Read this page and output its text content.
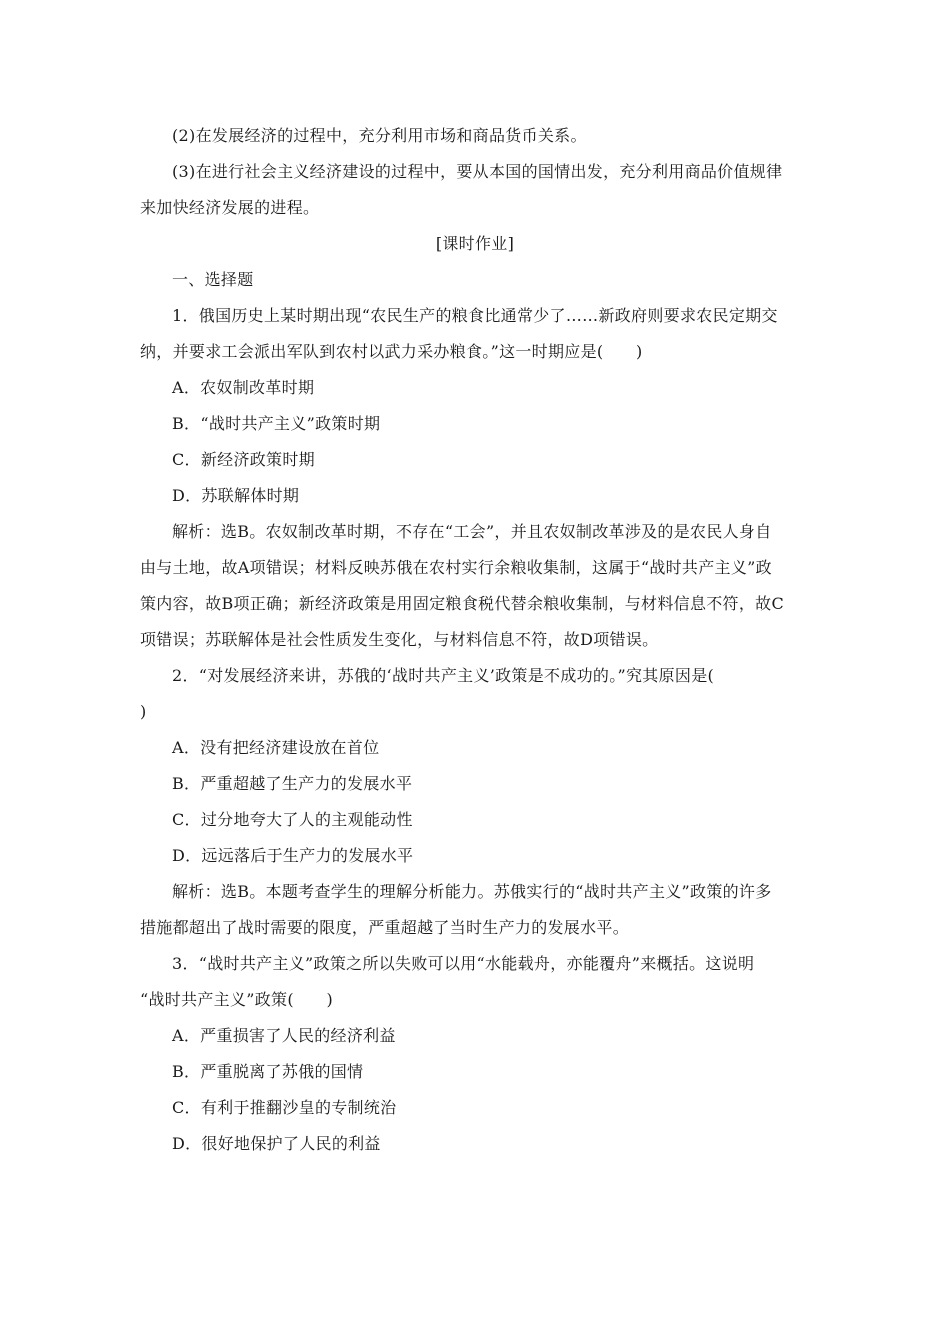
(2)在发展经济的过程中，充分利用市场和商品货币关系。
(3)在进行社会主义经济建设的过程中，要从本国的国情出发，充分利用商品价值规律
来加快经济发展的进程。
[课时作业]
一、选择题
1．俄国历史上某时期出现“农民生产的粮食比通常少了……新政府则要求农民定期交
纳，并要求工会派出军队到农村以武力采办粮食。”这一时期应是(　　)
A．农奴制改革时期
B．“战时共产主义”政策时期
C．新经济政策时期
D．苏联解体时期
解析：选B。农奴制改革时期，不存在“工会”，并且农奴制改革涉及的是农民人身自
由与土地，故A项错误；材料反映苏俄在农村实行余粮收集制，这属于“战时共产主义”政
策内容，故B项正确；新经济政策是用固定粮食税代替余粮收集制，与材料信息不符，故C
项错误；苏联解体是社会性质发生变化，与材料信息不符，故D项错误。
2．“对发展经济来讲，苏俄的‘战时共产主义’政策是不成功的。”究其原因是(
)
A．没有把经济建设放在首位
B．严重超越了生产力的发展水平
C．过分地夸大了人的主观能动性
D．远远落后于生产力的发展水平
解析：选B。本题考查学生的理解分析能力。苏俄实行的“战时共产主义”政策的许多
措施都超出了战时需要的限度，严重超越了当时生产力的发展水平。
3．“战时共产主义”政策之所以失败可以用“水能载舟，亦能覆舟”来概括。这说明
“战时共产主义”政策(　　)
A．严重损害了人民的经济利益
B．严重脱离了苏俄的国情
C．有利于推翻沙皇的专制统治
D．很好地保护了人民的利益
